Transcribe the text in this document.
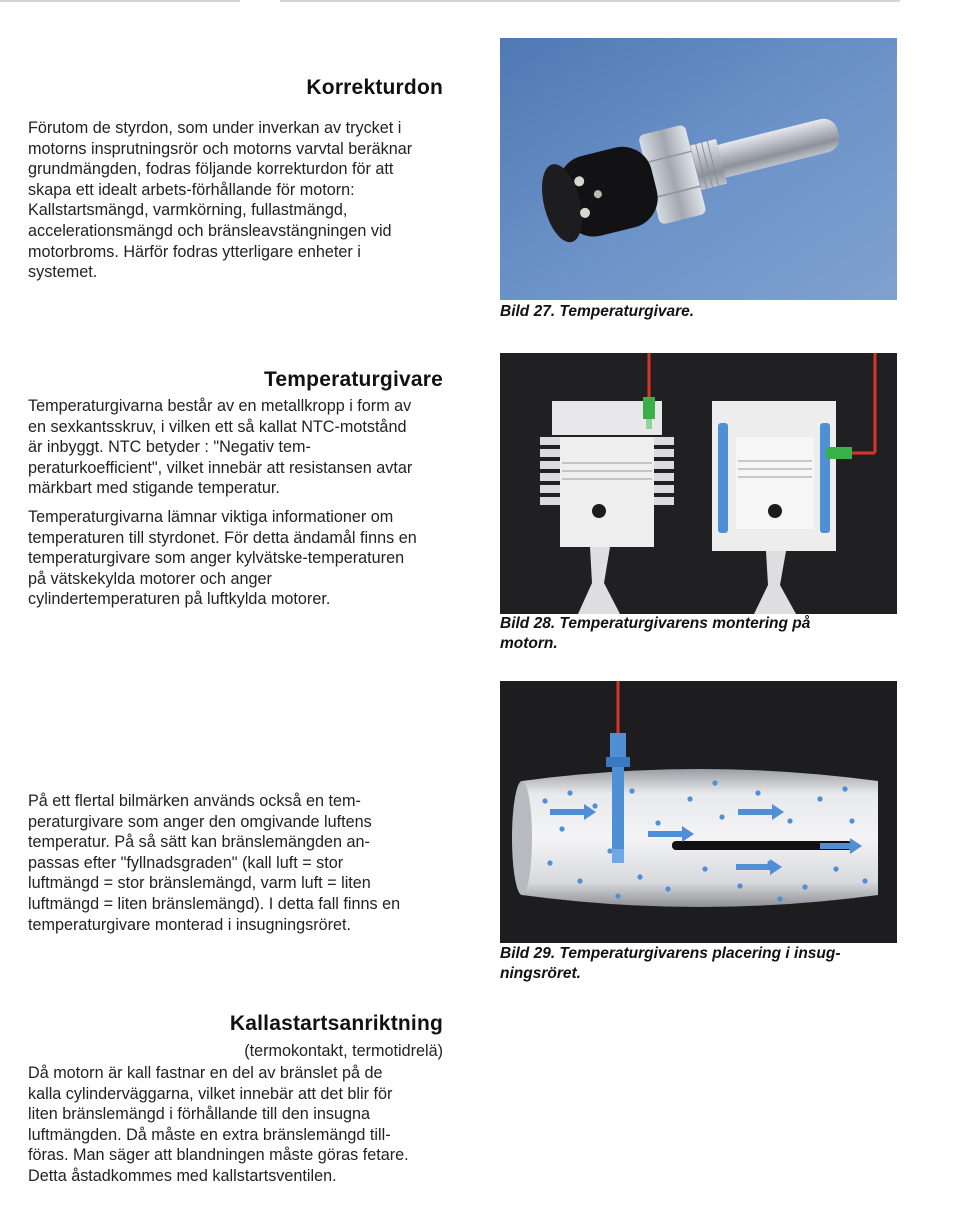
Korrekturdon

Förutom de styrdon, som under inverkan av trycket i

motorns insprutningsrör och motorns varvtal beräknar

grundmängden, fodras följande korrekturdon för att

skapa ett idealt arbets-förhållande för motorn:

Kallstartsmängd, varmkörning, fullastmängd,

accelerationsmängd och bränsleavstängningen vid

motorbroms. Härför fodras ytterligare enheter i

systemet.

Bild 27. Temperaturgivare.
Temperaturgivare

Temperaturgivarna består av en metallkropp i form av

en sexkantsskruv, i vilken ett så kallat NTC-motstånd

är inbyggt. NTC betyder : "Negativ tem-

peraturkoefficient", vilket innebär att resistansen avtar

märkbart med stigande temperatur.

Temperaturgivarna lämnar viktiga informationer om

temperaturen till styrdonet. För detta ändamål finns en

temperaturgivare som anger kylvätske-temperaturen

på vätskekylda motorer och anger

cylindertemperaturen på luftkylda motorer.

Bild 28. Temperaturgivarens montering på
motorn.

På ett flertal bilmärken används också en tem-

peraturgivare som anger den omgivande luftens

temperatur. På så sätt kan bränslemängden an-

passas efter "fyllnadsgraden" (kall luft = stor

luftmängd = stor bränslemängd, varm luft = liten

luftmängd = liten bränslemängd). I detta fall finns en

temperaturgivare monterad i insugningsröret.

Bild 29. Temperaturgivarens placering i insug-
ningsröret.
Kallastartsanriktning
(termokontakt, termotidrelä)

Då motorn är kall fastnar en del av bränslet på de

kalla cylinderväggarna, vilket innebär att det blir för

liten bränslemängd i förhållande till den insugna

luftmängden. Då måste en extra bränslemängd till-

föras. Man säger att blandningen måste göras fetare.

Detta åstadkommes med kallstartsventilen.
